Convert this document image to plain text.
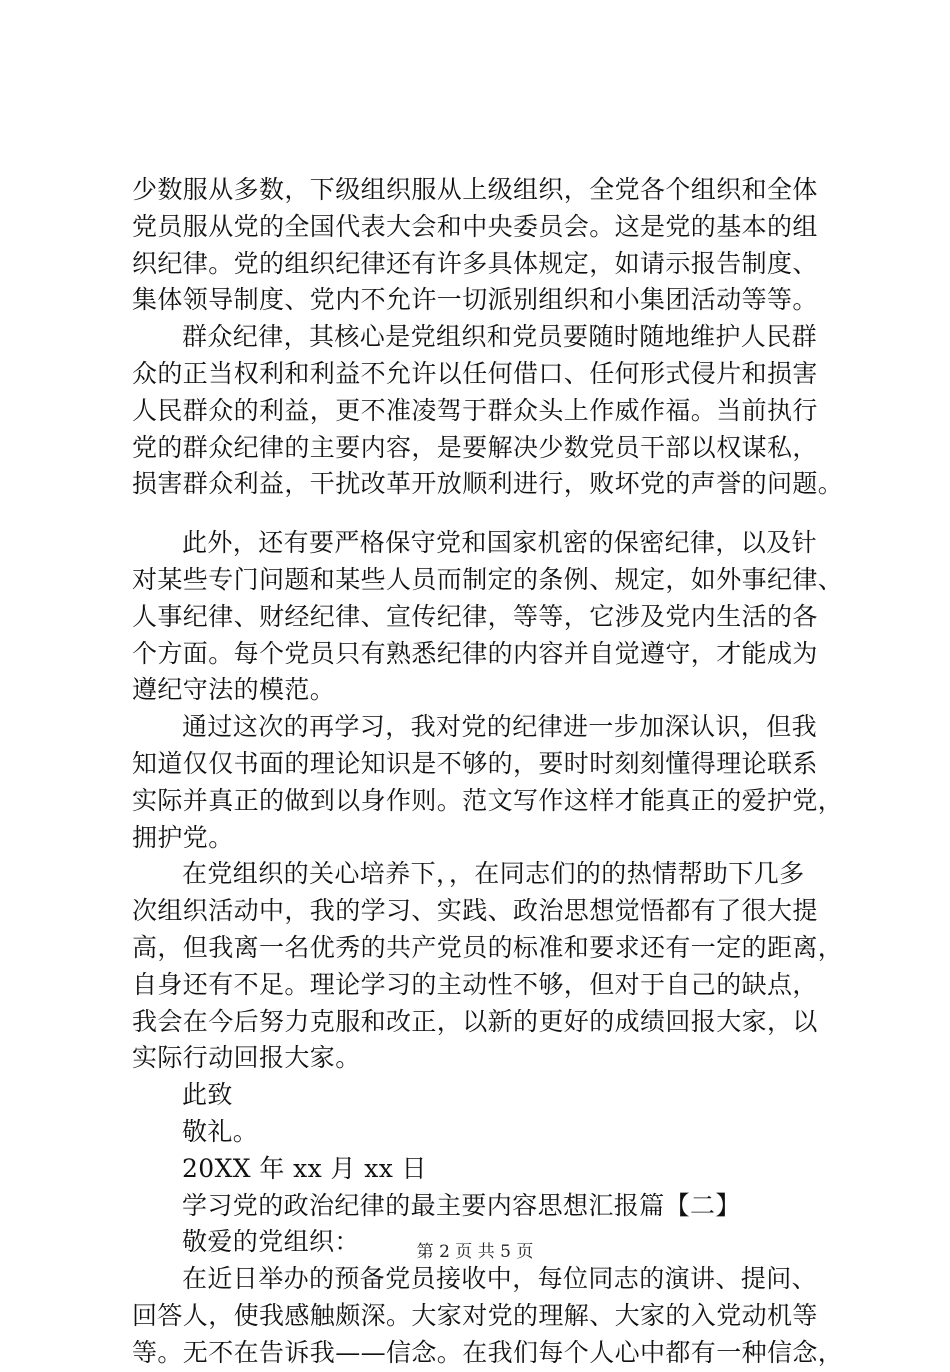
少数服从多数，下级组织服从上级组织，全党各个组织和全体
党员服从党的全国代表大会和中央委员会。这是党的基本的组
织纪律。党的组织纪律还有许多具体规定，如请示报告制度、
集体领导制度、党内不允许一切派别组织和小集团活动等等。
群众纪律，其核心是党组织和党员要随时随地维护人民群
众的正当权利和利益不允许以任何借口、任何形式侵片和损害
人民群众的利益，更不准凌驾于群众头上作威作福。当前执行
党的群众纪律的主要内容，是要解决少数党员干部以权谋私，
损害群众利益，干扰改革开放顺利进行，败坏党的声誉的问题。
此外，还有要严格保守党和国家机密的保密纪律，以及针
对某些专门问题和某些人员而制定的条例、规定，如外事纪律、
人事纪律、财经纪律、宣传纪律，等等，它涉及党内生活的各
个方面。每个党员只有熟悉纪律的内容并自觉遵守，才能成为
遵纪守法的模范。
通过这次的再学习，我对党的纪律进一步加深认识，但我
知道仅仅书面的理论知识是不够的，要时时刻刻懂得理论联系
实际并真正的做到以身作则。范文写作这样才能真正的爱护党，
拥护党。
在党组织的关心培养下，，在同志们的的热情帮助下几多
次组织活动中，我的学习、实践、政治思想觉悟都有了很大提
高，但我离一名优秀的共产党员的标准和要求还有一定的距离，
自身还有不足。理论学习的主动性不够，但对于自己的缺点，
我会在今后努力克服和改正，以新的更好的成绩回报大家，以
实际行动回报大家。
此致
敬礼。
20XX 年 xx 月 xx 日
学习党的政治纪律的最主要内容思想汇报篇【二】
敬爱的党组织：
在近日举办的预备党员接收中，每位同志的演讲、提问、
回答人，使我感触颇深。大家对党的理解、大家的入党动机等
等。无不在告诉我——信念。在我们每个人心中都有一种信念，
第 2 页 共 5 页
